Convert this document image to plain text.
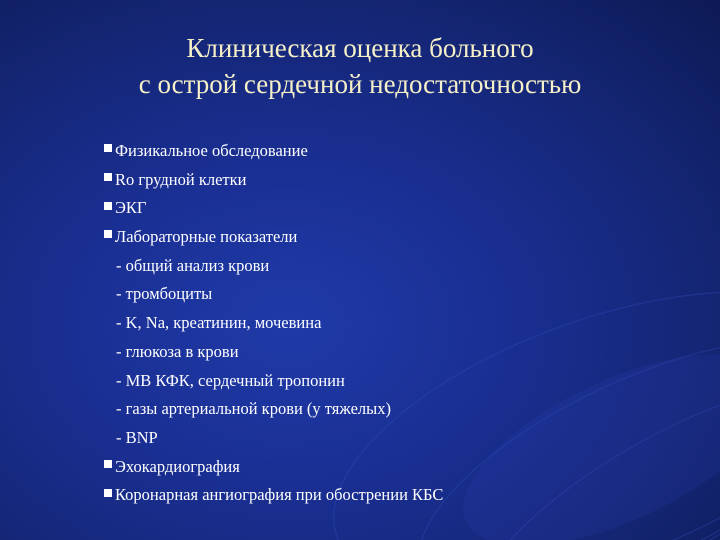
Клиническая оценка больного
с острой сердечной недостаточностью
Физикальное обследование
Ro грудной клетки
ЭКГ
Лабораторные показатели
- общий анализ крови
- тромбоциты
- K, Na, креатинин, мочевина
- глюкоза в крови
- МВ КФК, сердечный тропонин
- газы артериальной крови (у тяжелых)
- BNP
Эхокардиография
Коронарная ангиография при обострении КБС
